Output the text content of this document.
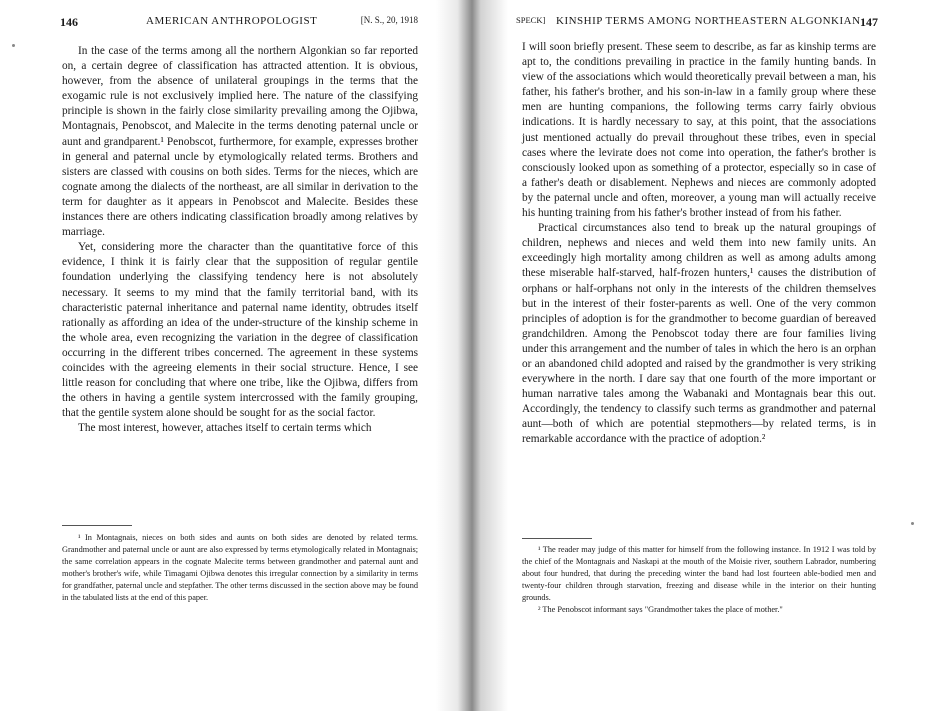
146	AMERICAN ANTHROPOLOGIST	[N. S., 20, 1918

In the case of the terms among all the northern Algonkian so far reported on, a certain degree of classification has attracted attention. It is obvious, however, from the absence of unilateral groupings in the terms that the exogamic rule is not exclusively implied here. The nature of the classifying principle is shown in the fairly close similarity prevailing among the Ojibwa, Montagnais, Penobscot, and Malecite in the terms denoting paternal uncle or aunt and grandparent.¹ Penobscot, furthermore, for example, expresses brother in general and paternal uncle by etymologically related terms. Brothers and sisters are classed with cousins on both sides. Terms for the nieces, which are cognate among the dialects of the northeast, are all similar in derivation to the term for daughter as it appears in Penobscot and Malecite. Besides these instances there are others indicating classification broadly among relatives by marriage.

Yet, considering more the character than the quantitative force of this evidence, I think it is fairly clear that the supposition of regular gentile foundation underlying the classifying tendency here is not absolutely necessary. It seems to my mind that the family territorial band, with its characteristic paternal inheritance and paternal name identity, obtrudes itself rationally as affording an idea of the under-structure of the kinship scheme in the whole area, even recognizing the variation in the degree of classification occurring in the different tribes concerned. The agreement in these systems coincides with the agreeing elements in their social structure. Hence, I see little reason for concluding that where one tribe, like the Ojibwa, differs from the others in having a gentile system intercrossed with the family grouping, that the gentile system alone should be sought for as the social factor.

The most interest, however, attaches itself to certain terms which

¹ In Montagnais, nieces on both sides and aunts on both sides are denoted by related terms. Grandmother and paternal uncle or aunt are also expressed by terms etymologically related in Montagnais; the same correlation appears in the cognate Malecite terms between grandmother and paternal aunt and mother's brother's wife, while Timagami Ojibwa denotes this irregular connection by a similarity in terms for grandfather, paternal uncle and stepfather. The other terms discussed in the section above may be found in the tabulated lists at the end of this paper.

SPECK] KINSHIP TERMS AMONG NORTHEASTERN ALGONKIAN 147

I will soon briefly present. These seem to describe, as far as kinship terms are apt to, the conditions prevailing in practice in the family hunting bands. In view of the associations which would theoretically prevail between a man, his father, his father's brother, and his son-in-law in a family group where these men are hunting companions, the following terms carry fairly obvious indications. It is hardly necessary to say, at this point, that the associations just mentioned actually do prevail throughout these tribes, even in special cases where the levirate does not come into operation, the father's brother is consciously looked upon as something of a protector, especially so in case of a father's death or disablement. Nephews and nieces are commonly adopted by the paternal uncle and often, moreover, a young man will actually receive his hunting training from his father's brother instead of from his father.

Practical circumstances also tend to break up the natural groupings of children, nephews and nieces and weld them into new family units. An exceedingly high mortality among children as well as among adults among these miserable half-starved, half-frozen hunters,¹ causes the distribution of orphans or half-orphans not only in the interests of the children themselves but in the interest of their foster-parents as well. One of the very common principles of adoption is for the grandmother to become guardian of bereaved grandchildren. Among the Penobscot today there are four families living under this arrangement and the number of tales in which the hero is an orphan or an abandoned child adopted and raised by the grandmother is very striking everywhere in the north. I dare say that one fourth of the more important or human narrative tales among the Wabanaki and Montagnais bear this out. Accordingly, the tendency to classify such terms as grandmother and paternal aunt—both of which are potential stepmothers—by related terms, is in remarkable accordance with the practice of adoption.²

¹ The reader may judge of this matter for himself from the following instance. In 1912 I was told by the chief of the Montagnais and Naskapi at the mouth of the Moisie river, southern Labrador, numbering about four hundred, that during the preceding winter the band had lost fourteen able-bodied men and twenty-four children through starvation, freezing and disease while in the interior on their hunting grounds.

² The Penobscot informant says "Grandmother takes the place of mother."
